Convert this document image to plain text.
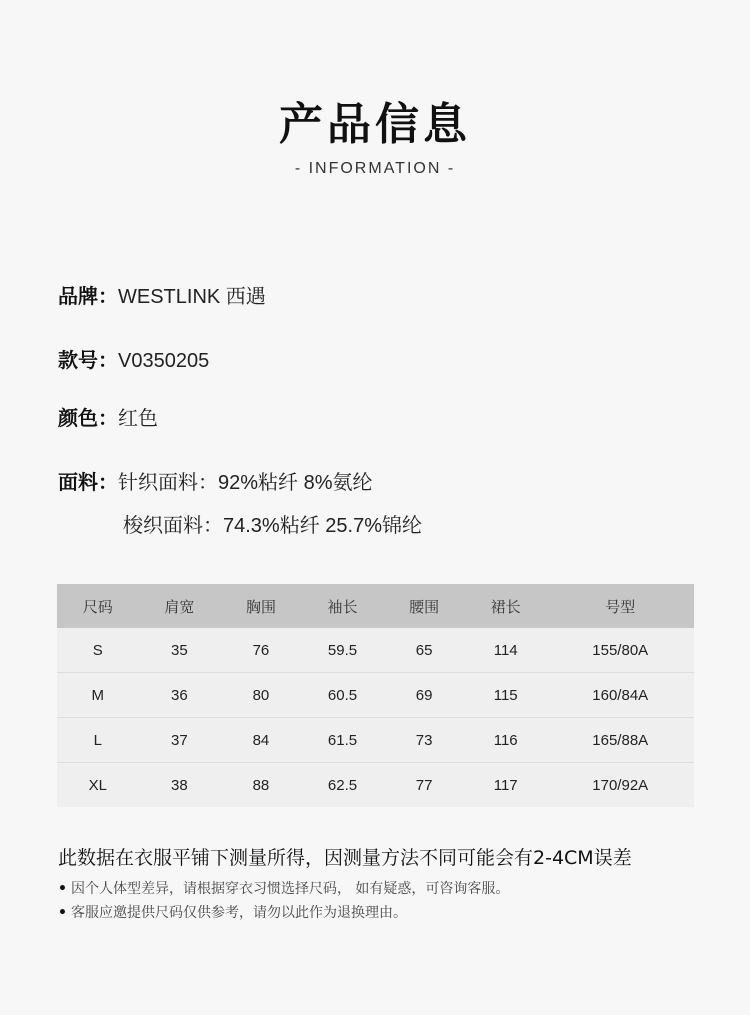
产品信息
- INFORMATION -
品牌：WESTLINK 西遇
款号：V0350205
颜色：红色
面料：针织面料：92%粘纤 8%氨纶
梭织面料：74.3%粘纤 25.7%锦纶
尺码	肩宽	胸围	袖长	腰围	裙长	号型
S	35	76	59.5	65	114	155/80A
M	36	80	60.5	69	115	160/84A
L	37	84	61.5	73	116	165/88A
XL	38	88	62.5	77	117	170/92A
此数据在衣服平铺下测量所得，因测量方法不同可能会有2-4CM误差
• 因个人体型差异，请根据穿衣习惯选择尺码， 如有疑惑，可咨询客服。
• 客服应邀提供尺码仅供参考，请勿以此作为退换理由。
